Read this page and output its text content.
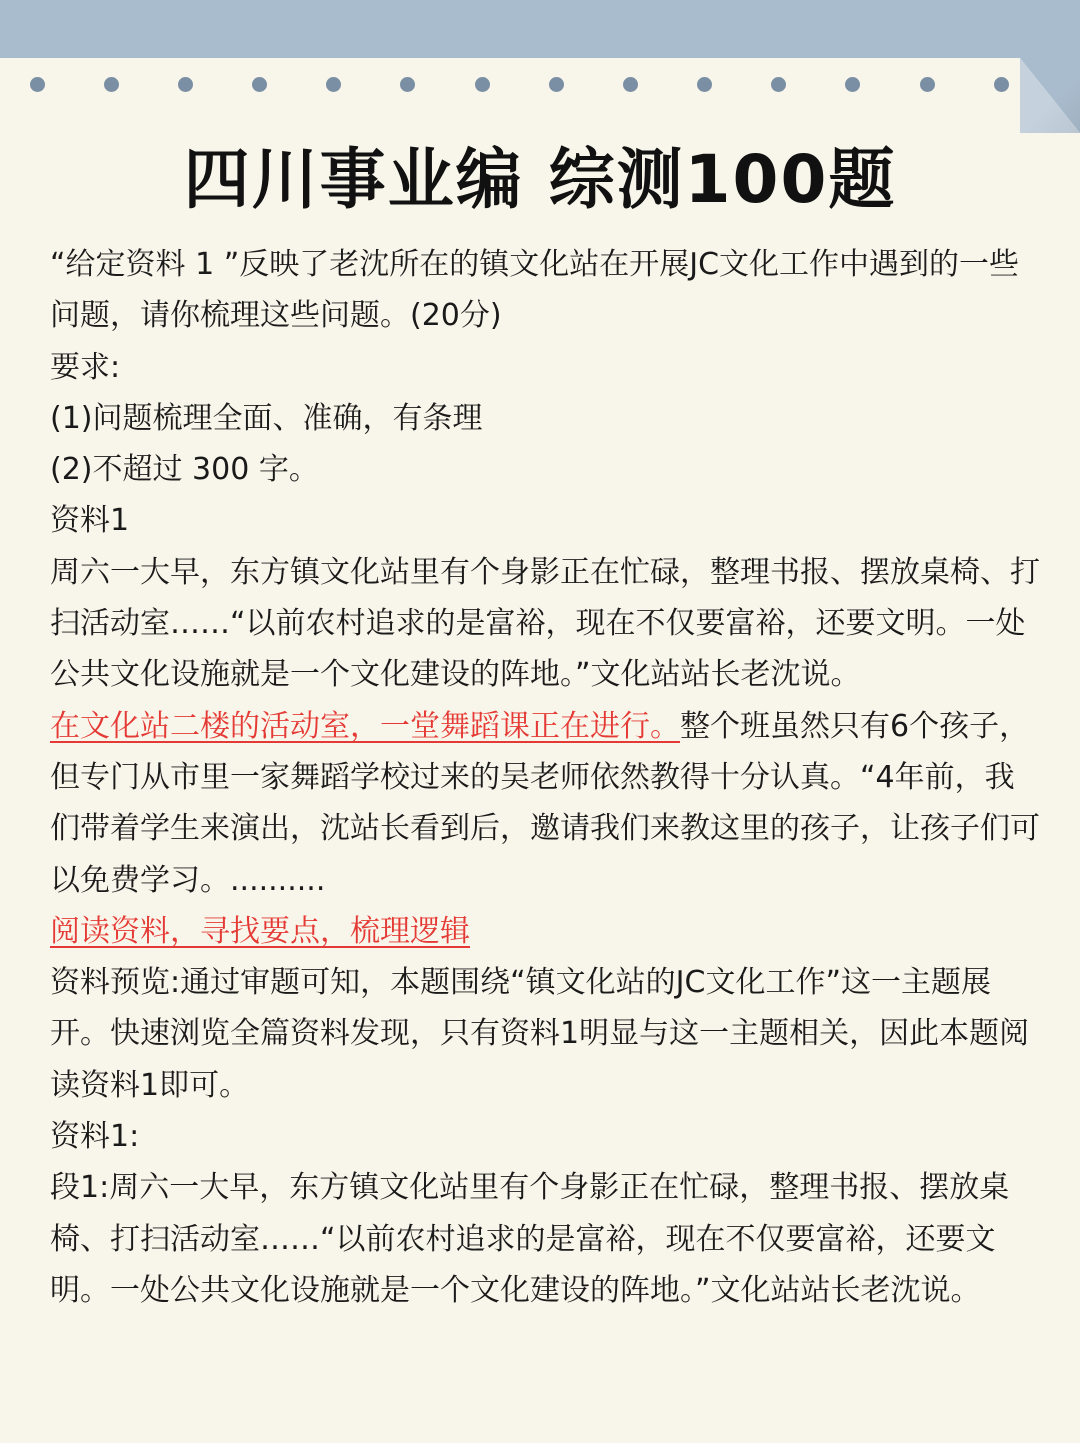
四川事业编 综测100题

“给定资料 1 ”反映了老沈所在的镇文化站在开展JC文化工作中遇到的一些问题，请你梳理这些问题。(20分)

要求:

(1)问题梳理全面、准确，有条理

(2)不超过 300 字。

资料1

周六一大早，东方镇文化站里有个身影正在忙碌，整理书报、摆放桌椅、打扫活动室……“以前农村追求的是富裕，现在不仅要富裕，还要文明。一处公共文化设施就是一个文化建设的阵地。”文化站站长老沈说。

在文化站二楼的活动室，一堂舞蹈课正在进行。整个班虽然只有6个孩子，但专门从市里一家舞蹈学校过来的吴老师依然教得十分认真。“4年前，我们带着学生来演出，沈站长看到后，邀请我们来教这里的孩子，让孩子们可以免费学习。..........

阅读资料，寻找要点，梳理逻辑

资料预览:通过审题可知，本题围绕“镇文化站的JC文化工作”这一主题展开。快速浏览全篇资料发现，只有资料1明显与这一主题相关，因此本题阅读资料1即可。

资料1:

段1:周六一大早，东方镇文化站里有个身影正在忙碌，整理书报、摆放桌椅、打扫活动室……“以前农村追求的是富裕，现在不仅要富裕，还要文明。一处公共文化设施就是一个文化建设的阵地。”文化站站长老沈说。
